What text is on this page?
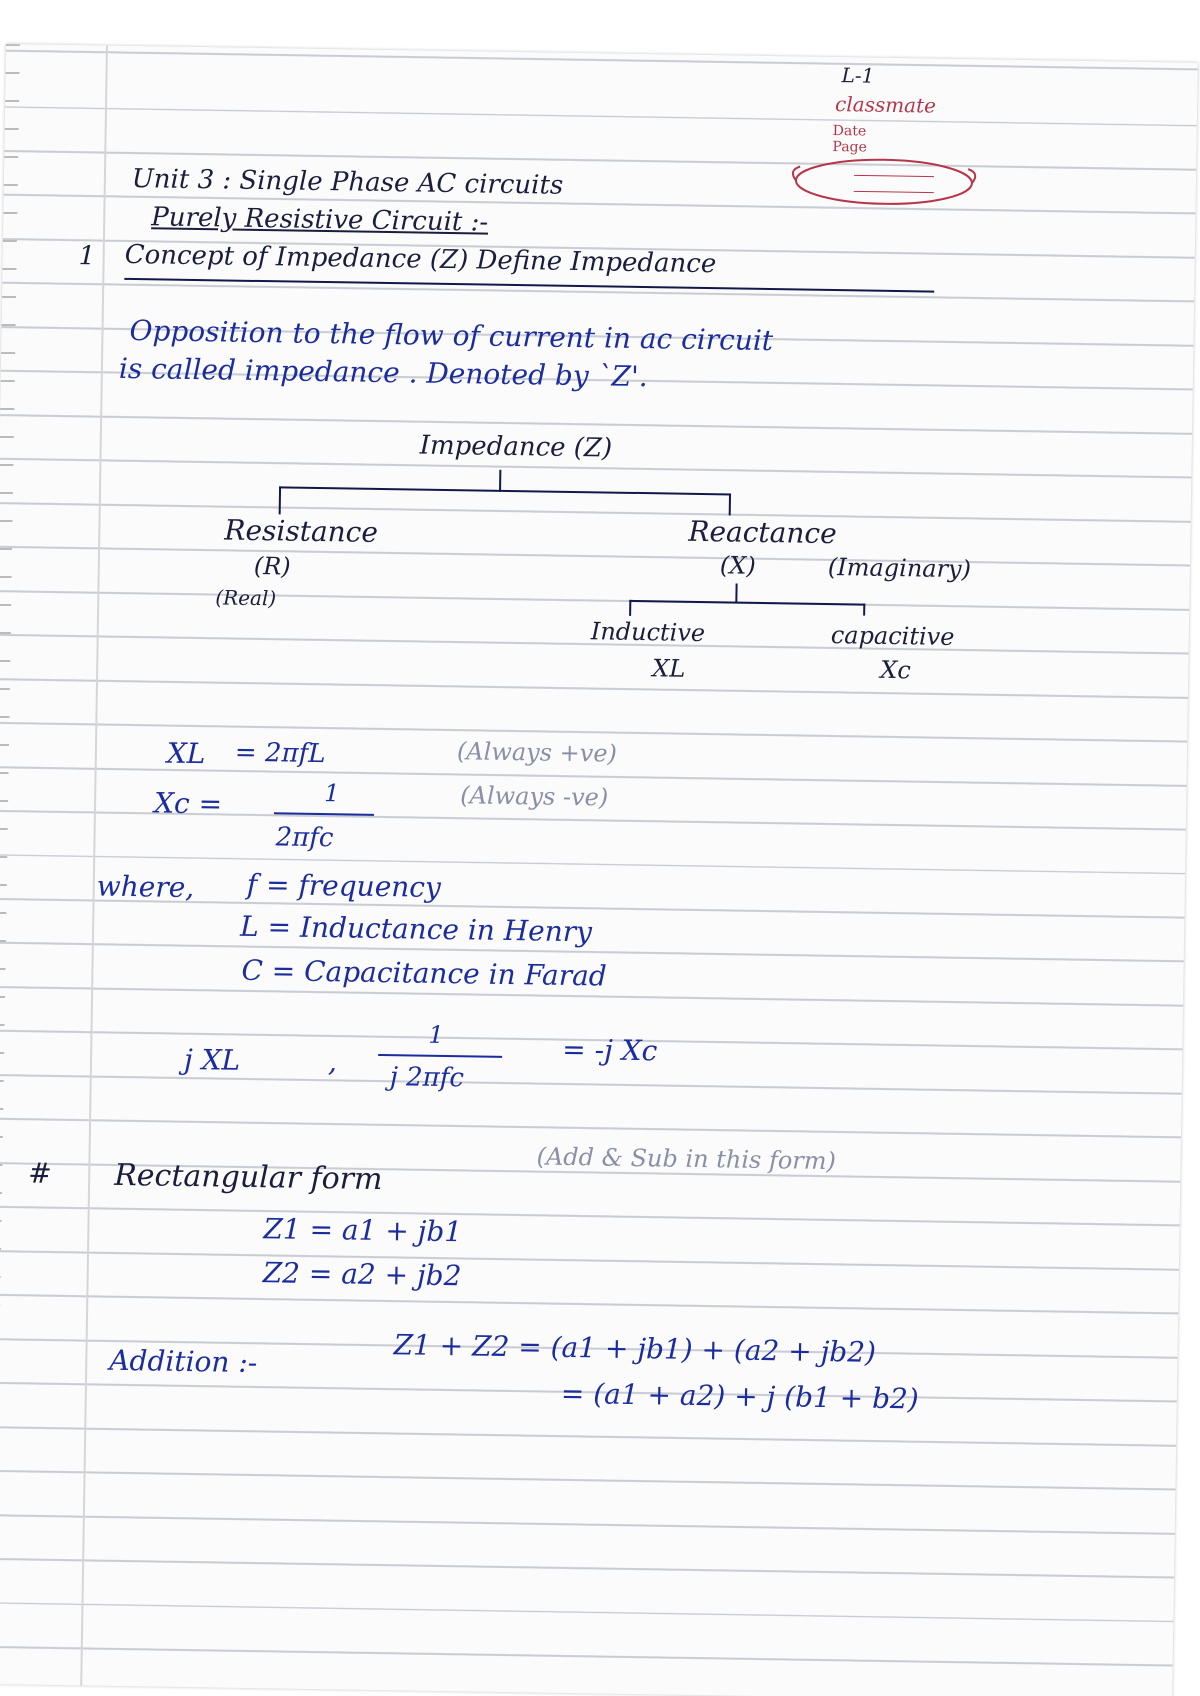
L-1
classmate
Date
Page
Unit 3 : Single Phase AC circuits
Purely Resistive Circuit :-
1 Concept of Impedance (Z) Define Impedance
Opposition to the flow of current in ac circuit
is called impedance . Denoted by `Z'.
Impedance (Z)
Resistance
(R)
(Real)
Reactance
(X)	(Imaginary)
Inductive
XL
capacitive
Xc
XL = 2πfL	(Always +ve)
Xc =	1
2πfc
(Always -ve)
where, f = frequency
L = Inductance in Henry
C = Capacitance in Farad
j XL	,
1
j 2πfc
= -j Xc
# Rectangular form	(Add & Sub in this form)
Z1 = a1 + jb1
Z2 = a2 + jb2
Addition :-	Z1 + Z2 = (a1 + jb1) + (a2 + jb2)
= (a1 + a2) + j (b1 + b2)
